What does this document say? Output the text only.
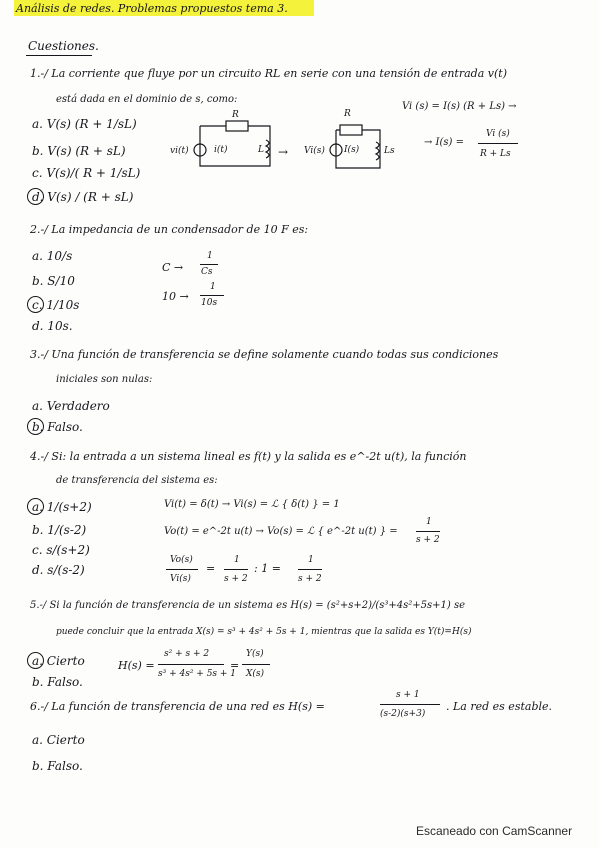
Análisis de redes. Problemas propuestos tema 3.
Cuestiones.
1.-/ La corriente que fluye por un circuito RL en serie con una tensión de entrada v(t)
está dada en el dominio de s, como:
a. V(s) (R + 1/sL)
b. V(s) (R + sL)
c. V(s)/( R + 1/sL)
d. V(s) / (R + sL)
R
vi(t)	i(t)	L →
R
Vi(s) I(s)	Ls
Vi (s) = I(s) (R + Ls) →
→ I(s) =
Vi (s)
R + Ls
2.-/ La impedancia de un condensador de 10 F es:
a. 10/s
b. S/10
c. 1/10s
d. 10s.
C →
1
Cs
10 →
1
10s
3.-/ Una función de transferencia se define solamente cuando todas sus condiciones
iniciales son nulas:
a. Verdadero
b. Falso.
4.-/ Si: la entrada a un sistema lineal es f(t) y la salida es e^-2t u(t), la función
de transferencia del sistema es:
a. 1/(s+2)
b. 1/(s-2)
c. s/(s+2)
d. s/(s-2)
Vi(t) = δ(t) → Vi(s) = ℒ { δ(t) } = 1
Vo(t) = e^-2t u(t) → Vo(s) = ℒ { e^-2t u(t) } =
1
s + 2
Vo(s)
Vi(s)
=
1
s + 2
: 1 =
1
s + 2
5.-/ Si la función de transferencia de un sistema es H(s) = (s²+s+2)/(s³+4s²+5s+1) se
puede concluir que la entrada X(s) = s³ + 4s² + 5s + 1, mientras que la salida es Y(t)=H(s)
a. Cierto
b. Falso.
H(s) =
s² + s + 2
s³ + 4s² + 5s + 1
=
Y(s)
X(s)
6.-/ La función de transferencia de una red es H(s) =
s + 1
(s-2)(s+3)
. La red es estable.
a. Cierto
b. Falso.
Escaneado con CamScanner
